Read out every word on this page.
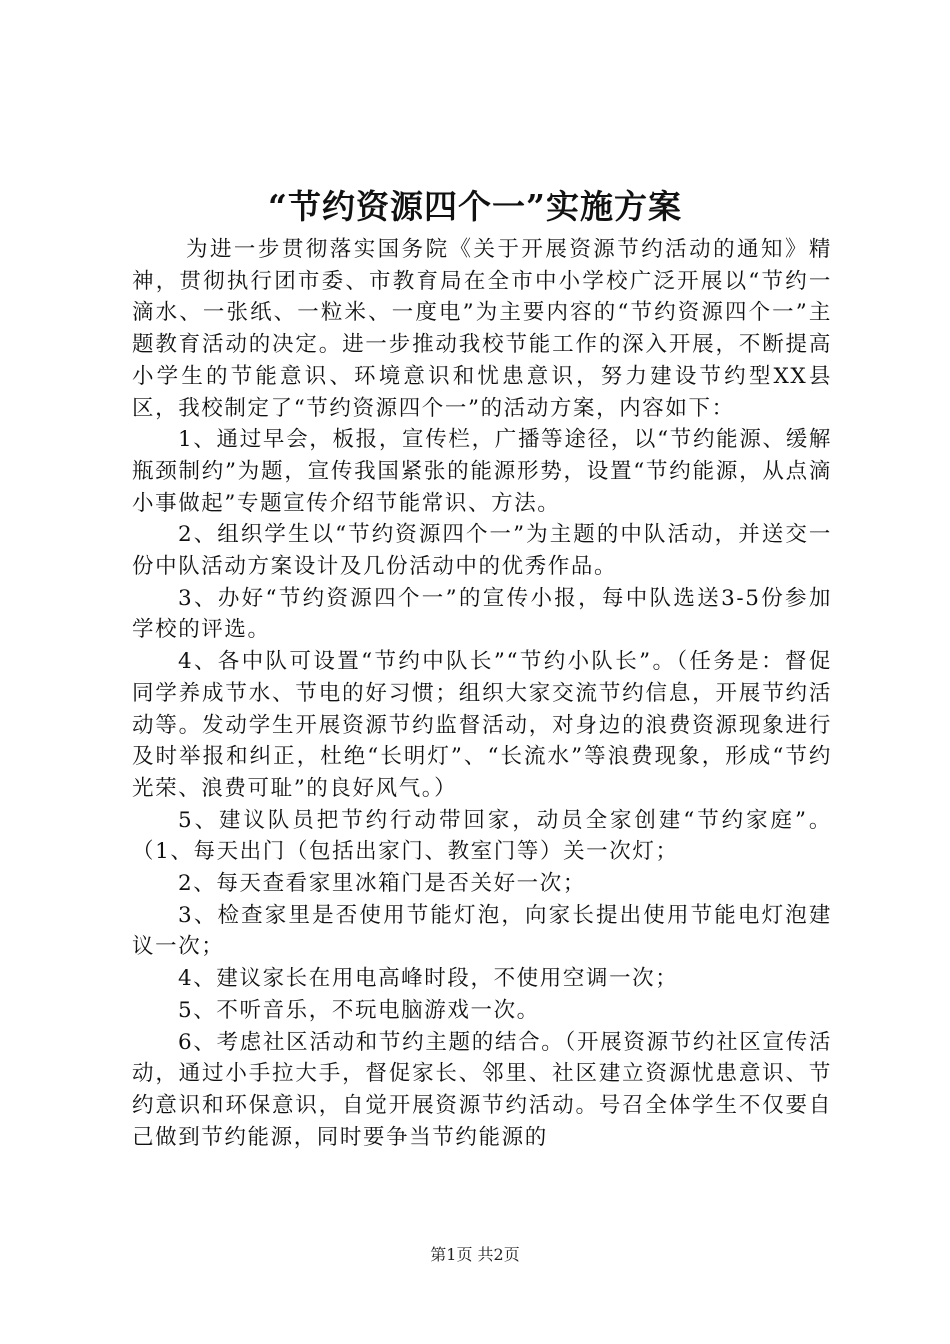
“节约资源四个一”实施方案

为进一步贯彻落实国务院《关于开展资源节约活动的通知》精神，贯彻执行团市委、市教育局在全市中小学校广泛开展以“节约一滴水、一张纸、一粒米、一度电”为主要内容的“节约资源四个一”主题教育活动的决定。进一步推动我校节能工作的深入开展，不断提高小学生的节能意识、环境意识和忧患意识，努力建设节约型XX县区，我校制定了“节约资源四个一”的活动方案，内容如下：

1、通过早会，板报，宣传栏，广播等途径，以“节约能源、缓解瓶颈制约”为题，宣传我国紧张的能源形势，设置“节约能源，从点滴小事做起”专题宣传介绍节能常识、方法。

2、组织学生以“节约资源四个一”为主题的中队活动，并送交一份中队活动方案设计及几份活动中的优秀作品。

3、办好“节约资源四个一”的宣传小报，每中队选送3-5份参加学校的评选。

4、各中队可设置“节约中队长”“节约小队长”。（任务是：督促同学养成节水、节电的好习惯；组织大家交流节约信息，开展节约活动等。发动学生开展资源节约监督活动，对身边的浪费资源现象进行及时举报和纠正，杜绝“长明灯”、“长流水”等浪费现象，形成“节约光荣、浪费可耻”的良好风气。）

5、建议队员把节约行动带回家，动员全家创建“节约家庭”。（1、每天出门（包括出家门、教室门等）关一次灯；

2、每天查看家里冰箱门是否关好一次；

3、检查家里是否使用节能灯泡，向家长提出使用节能电灯泡建议一次；

4、建议家长在用电高峰时段，不使用空调一次；

5、不听音乐，不玩电脑游戏一次。

6、考虑社区活动和节约主题的结合。（开展资源节约社区宣传活动，通过小手拉大手，督促家长、邻里、社区建立资源忧患意识、节约意识和环保意识，自觉开展资源节约活动。号召全体学生不仅要自己做到节约能源，同时要争当节约能源的

第1页 共2页
